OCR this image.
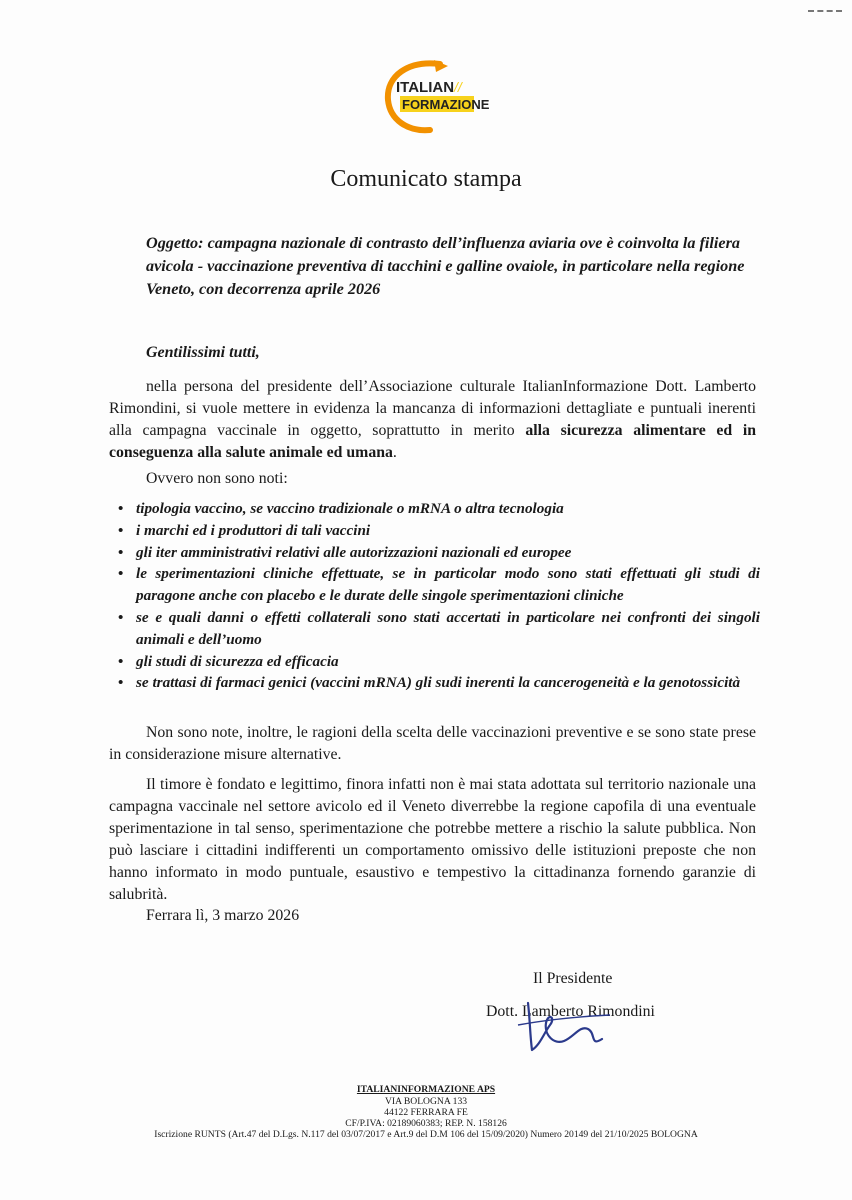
ITALIAN //
FORMAZIONE
Comunicato stampa
Oggetto: campagna nazionale di contrasto dell’influenza aviaria ove è coinvolta la filiera avicola - vaccinazione preventiva di tacchini e galline ovaiole, in particolare nella regione Veneto, con decorrenza aprile 2026
Gentilissimi tutti,
nella persona del presidente dell’Associazione culturale ItalianInformazione Dott. Lamberto Rimondini, si vuole mettere in evidenza la mancanza di informazioni dettagliate e puntuali inerenti alla campagna vaccinale in oggetto, soprattutto in merito alla sicurezza alimentare ed in conseguenza alla salute animale ed umana.
Ovvero non sono noti:
• tipologia vaccino, se vaccino tradizionale o mRNA o altra tecnologia
• i marchi ed i produttori di tali vaccini
• gli iter amministrativi relativi alle autorizzazioni nazionali ed europee
• le sperimentazioni cliniche effettuate, se in particolar modo sono stati effettuati gli studi di paragone anche con placebo e le durate delle singole sperimentazioni cliniche
• se e quali danni o effetti collaterali sono stati accertati in particolare nei confronti dei singoli animali e dell’uomo
• gli studi di sicurezza ed efficacia
• se trattasi di farmaci genici (vaccini mRNA) gli sudi inerenti la cancerogeneità e la genotossicità
Non sono note, inoltre, le ragioni della scelta delle vaccinazioni preventive e se sono state prese in considerazione misure alternative.
Il timore è fondato e legittimo, finora infatti non è mai stata adottata sul territorio nazionale una campagna vaccinale nel settore avicolo ed il Veneto diverrebbe la regione capofila di una eventuale sperimentazione in tal senso, sperimentazione che potrebbe mettere a rischio la salute pubblica. Non può lasciare i cittadini indifferenti un comportamento omissivo delle istituzioni preposte che non hanno informato in modo puntuale, esaustivo e tempestivo la cittadinanza fornendo garanzie di salubrità.
Ferrara lì, 3 marzo 2026
Il Presidente
Dott. Lamberto Rimondini
ITALIANINFORMAZIONE APS
VIA BOLOGNA 133
44122 FERRARA FE
CF/P.IVA: 02189060383; REP. N. 158126
Iscrizione RUNTS (Art.47 del D.Lgs. N.117 del 03/07/2017 e Art.9 del D.M 106 del 15/09/2020) Numero 20149 del 21/10/2025 BOLOGNA
